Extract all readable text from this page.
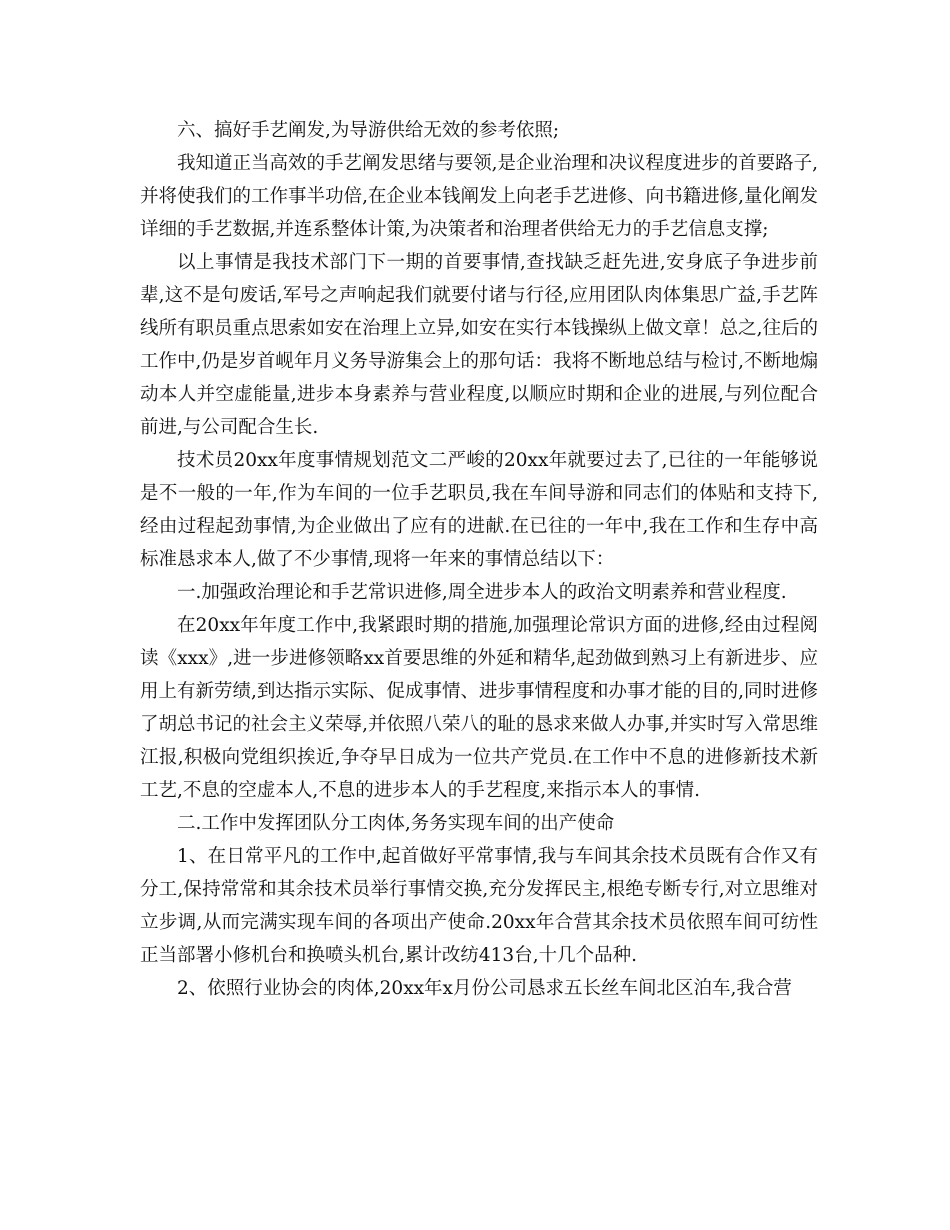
六、搞好手艺阐发,为导游供给无效的参考依照;

我知道正当高效的手艺阐发思绪与要领,是企业治理和决议程度进步的首要路子,并将使我们的工作事半功倍,在企业本钱阐发上向老手艺进修、向书籍进修,量化阐发详细的手艺数据,并连系整体计策,为决策者和治理者供给无力的手艺信息支撑;

以上事情是我技术部门下一期的首要事情,查找缺乏赶先进,安身底子争进步前辈,这不是句废话,军号之声响起我们就要付诸与行径,应用团队肉体集思广益,手艺阵线所有职员重点思索如安在治理上立异,如安在实行本钱操纵上做文章！总之,往后的工作中,仍是岁首岘年月义务导游集会上的那句话：我将不断地总结与检讨,不断地煽动本人并空虚能量,进步本身素养与营业程度,以顺应时期和企业的进展,与列位配合前进,与公司配合生长.

技术员20xx年度事情规划范文二严峻的20xx年就要过去了,已往的一年能够说是不一般的一年,作为车间的一位手艺职员,我在车间导游和同志们的体贴和支持下,经由过程起劲事情,为企业做出了应有的进献.在已往的一年中,我在工作和生存中高标准恳求本人,做了不少事情,现将一年来的事情总结以下：

一.加强政治理论和手艺常识进修,周全进步本人的政治文明素养和营业程度.

在20xx年年度工作中,我紧跟时期的措施,加强理论常识方面的进修,经由过程阅读《xxx》,进一步进修领略xx首要思维的外延和精华,起劲做到熟习上有新进步、应用上有新劳绩,到达指示实际、促成事情、进步事情程度和办事才能的目的,同时进修了胡总书记的社会主义荣辱,并依照八荣八的耻的恳求来做人办事,并实时写入常思维江报,积极向党组织挨近,争夺早日成为一位共产党员.在工作中不息的进修新技术新工艺,不息的空虚本人,不息的进步本人的手艺程度,来指示本人的事情.

二.工作中发挥团队分工肉体,务务实现车间的出产使命

1、在日常平凡的工作中,起首做好平常事情,我与车间其余技术员既有合作又有分工,保持常常和其余技术员举行事情交换,充分发挥民主,根绝专断专行,对立思维对立步调,从而完满实现车间的各项出产使命.20xx年合营其余技术员依照车间可纺性正当部署小修机台和换喷头机台,累计改纺413台,十几个品种.

2、依照行业协会的肉体,20xx年x月份公司恳求五长丝车间北区泊车,我合营
